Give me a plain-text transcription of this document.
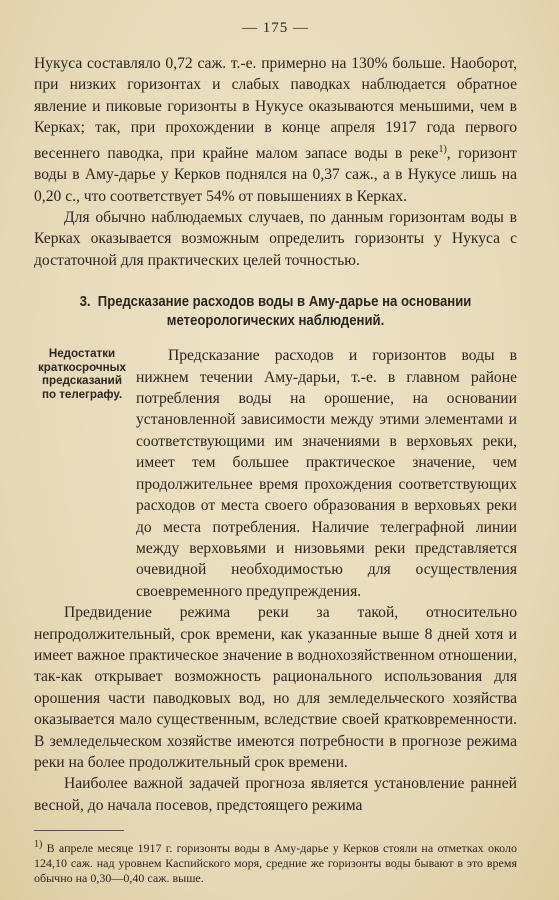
— 175 —

Нукуса составляло 0,72 саж. т.-е. примерно на 130% больше. Наоборот, при низких горизонтах и слабых паводках наблюдается обратное явление и пиковые горизонты в Нукусе оказываются меньшими, чем в Керках; так, при прохождении в конце апреля 1917 года первого весеннего паводка, при крайне малом запасе воды в реке$^{1)}$, горизонт воды в Аму-дарье у Керков поднялся на 0,37 саж., а в Нукусе лишь на 0,20 с., что соответствует 54% от повышениях в Керках.

Для обычно наблюдаемых случаев, по данным горизонтам воды в Керках оказывается возможным определить горизонты у Нукуса с достаточной для практических целей точностью.

3. Предсказание расходов воды в Аму-дарье на основании метеорологических наблюдений.
Недостатки краткосрочных предсказаний по телеграфу.

Предсказание расходов и горизонтов воды в нижнем течении Аму-дарьи, т.-е. в главном районе потребления воды на орошение, на основании установленной зависимости между этими элементами и соответствующими им значениями в верховьях реки, имеет тем большее практическое значение, чем продолжительнее время прохождения соответствующих расходов от места своего образования в верховьях реки до места потребления. Наличие телеграфной линии между верховьями и низовьями реки представляется очевидной необходимостью для осуществления своевременного предупреждения.

Предвидение режима реки за такой, относительно непродолжительный, срок времени, как указанные выше 8 дней хотя и имеет важное практическое значение в воднохозяйственном отношении, так-как открывает возможность рационального использования для орошения части паводковых вод, но для земледельческого хозяйства оказывается мало существенным, вследствие своей кратковременности. В земледельческом хозяйстве имеются потребности в прогнозе режима реки на более продолжительный срок времени.

Наиболее важной задачей прогноза является установление ранней весной, до начала посевов, предстоящего режима

$^{1)}$ В апреле месяце 1917 г. горизонты воды в Аму-дарье у Керков стояли на отметках около 124,10 саж. над уровнем Каспийского моря, средние же горизонты воды бывают в это время обычно на 0,30—0,40 саж. выше.
